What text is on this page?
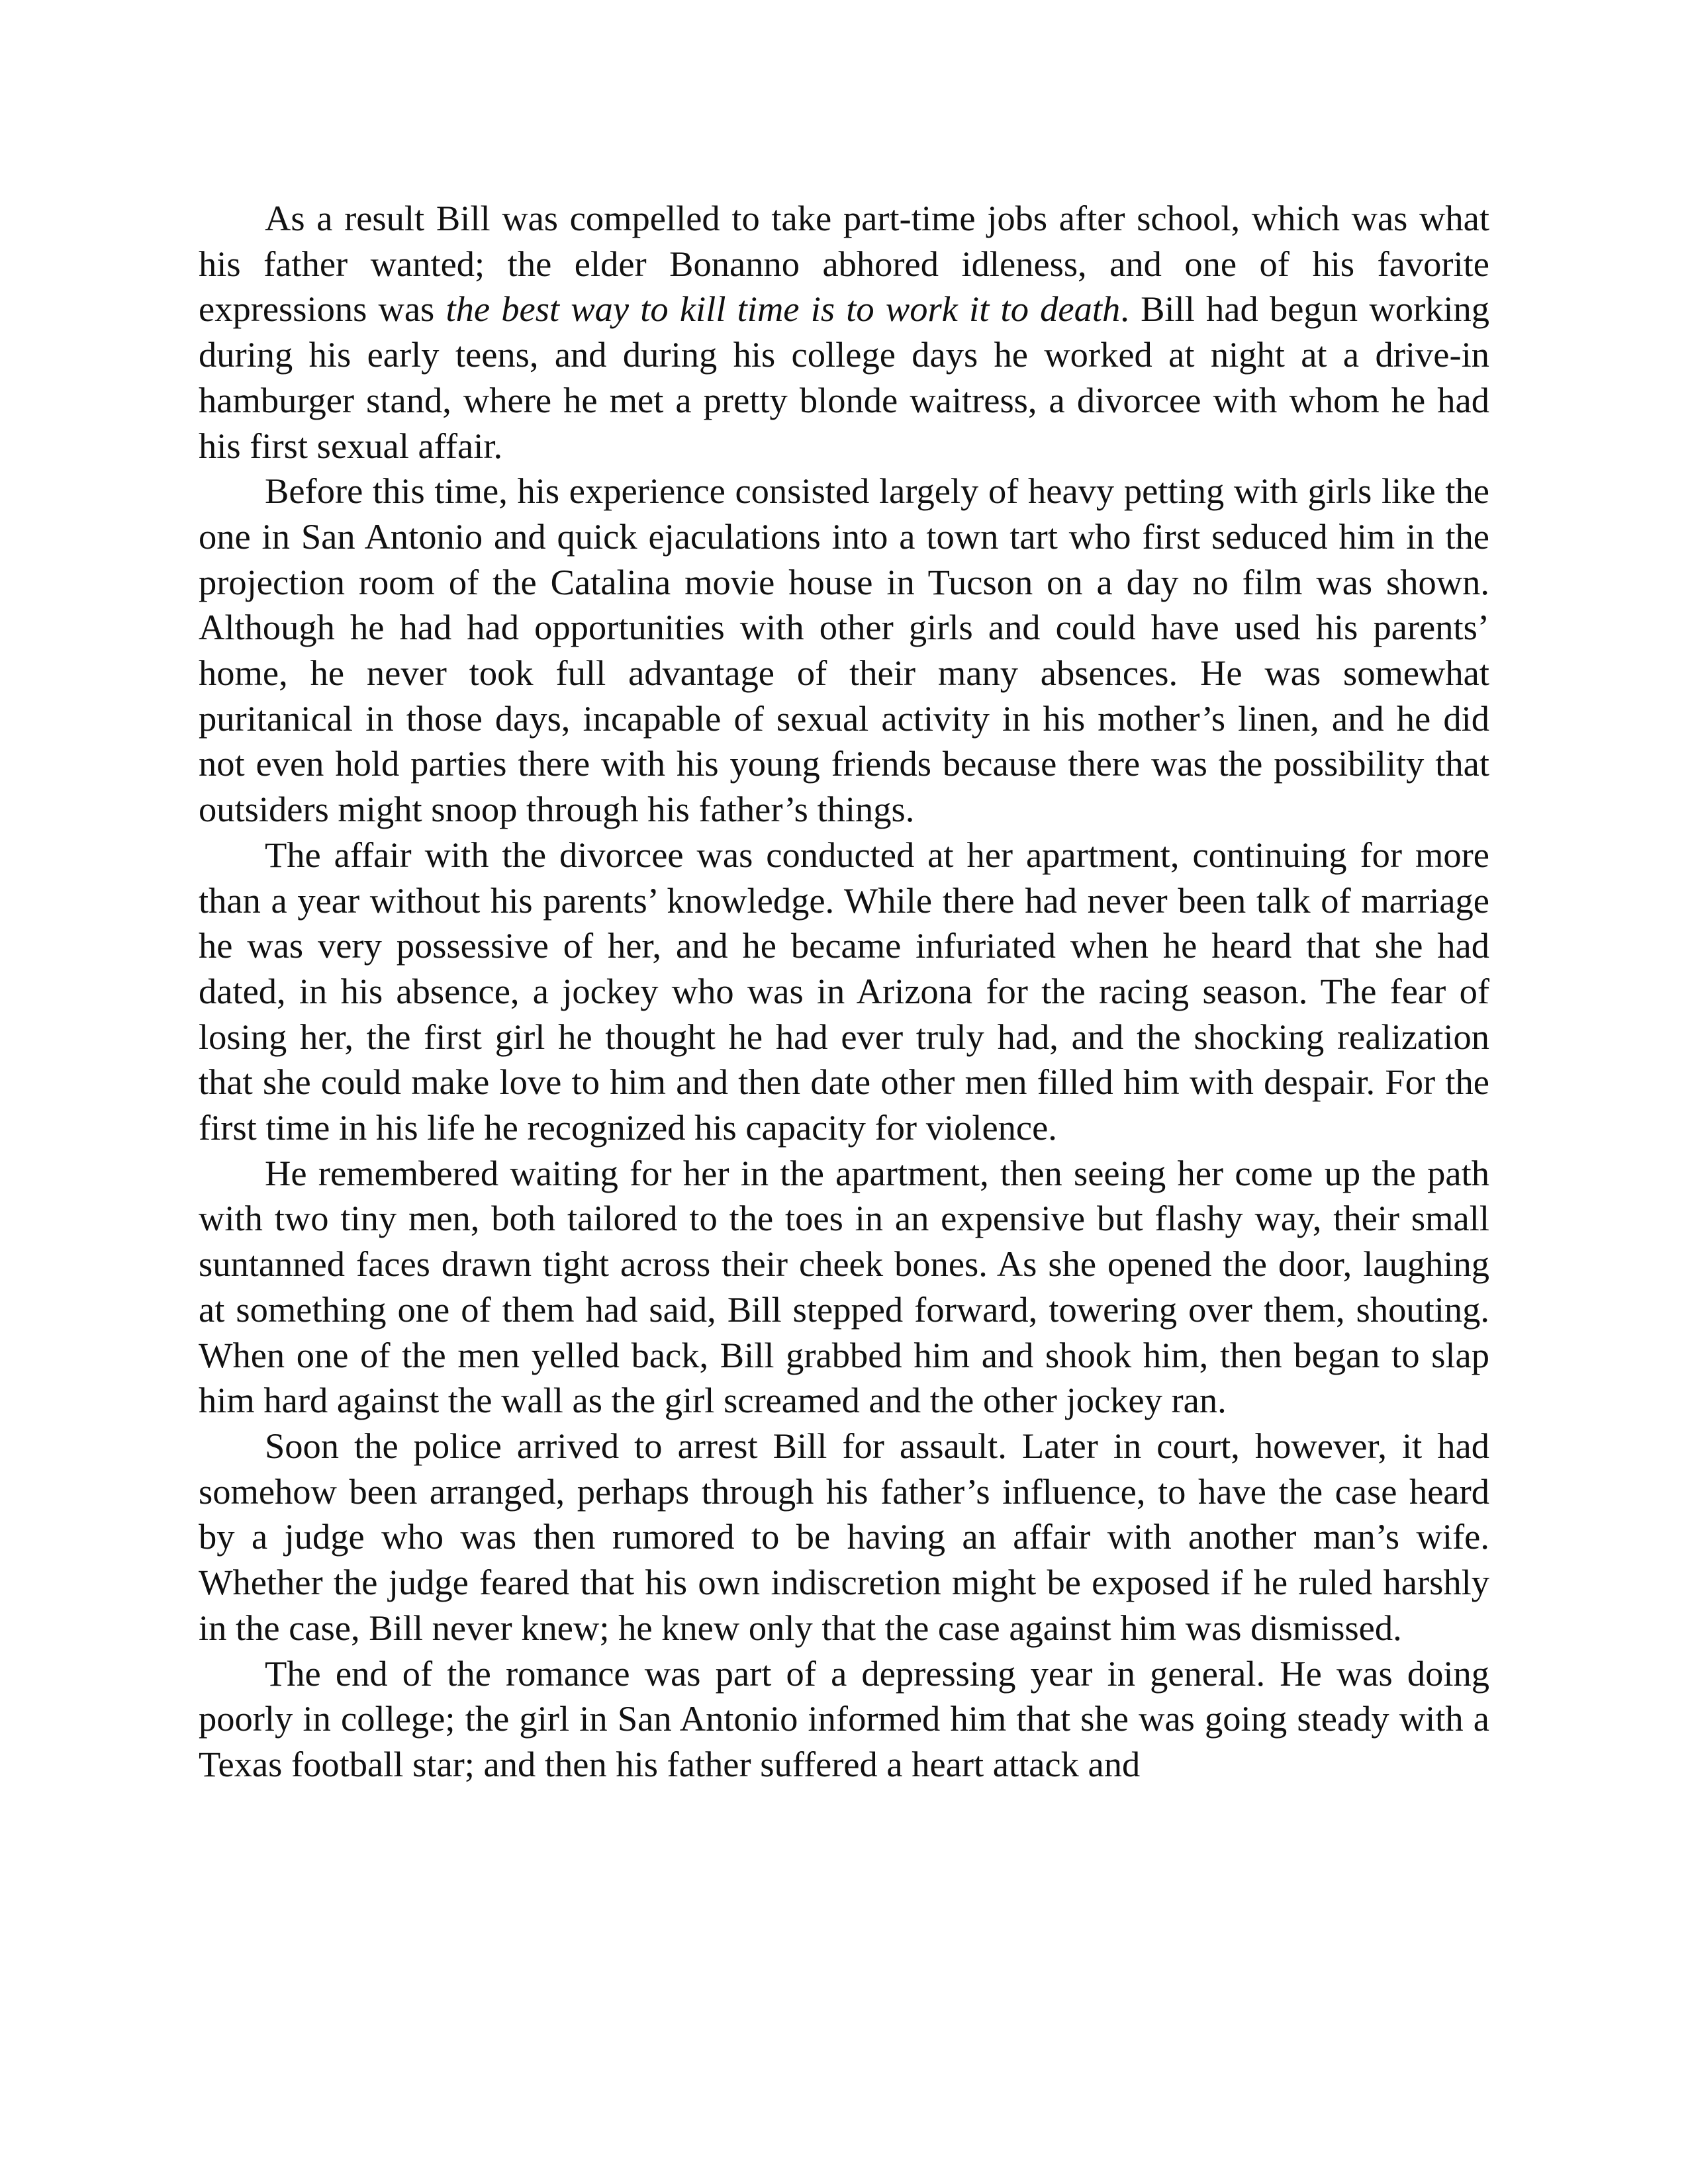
As a result Bill was compelled to take part-time jobs after school, which was what his father wanted; the elder Bonanno abhored idleness, and one of his favorite expressions was the best way to kill time is to work it to death. Bill had begun working during his early teens, and during his college days he worked at night at a drive-in hamburger stand, where he met a pretty blonde waitress, a divorcee with whom he had his first sexual affair.

Before this time, his experience consisted largely of heavy petting with girls like the one in San Antonio and quick ejaculations into a town tart who first seduced him in the projection room of the Catalina movie house in Tucson on a day no film was shown. Although he had had opportunities with other girls and could have used his parents’ home, he never took full advantage of their many absences. He was somewhat puritanical in those days, incapable of sexual activity in his mother’s linen, and he did not even hold parties there with his young friends because there was the possibility that outsiders might snoop through his father’s things.

The affair with the divorcee was conducted at her apartment, continuing for more than a year without his parents’ knowledge. While there had never been talk of marriage he was very possessive of her, and he became infuriated when he heard that she had dated, in his absence, a jockey who was in Arizona for the racing season. The fear of losing her, the first girl he thought he had ever truly had, and the shocking realization that she could make love to him and then date other men filled him with despair. For the first time in his life he recognized his capacity for violence.

He remembered waiting for her in the apartment, then seeing her come up the path with two tiny men, both tailored to the toes in an expensive but flashy way, their small suntanned faces drawn tight across their cheek bones. As she opened the door, laughing at something one of them had said, Bill stepped forward, towering over them, shouting. When one of the men yelled back, Bill grabbed him and shook him, then began to slap him hard against the wall as the girl screamed and the other jockey ran.

Soon the police arrived to arrest Bill for assault. Later in court, however, it had somehow been arranged, perhaps through his father’s influence, to have the case heard by a judge who was then rumored to be having an affair with another man’s wife. Whether the judge feared that his own indiscretion might be exposed if he ruled harshly in the case, Bill never knew; he knew only that the case against him was dismissed.

The end of the romance was part of a depressing year in general. He was doing poorly in college; the girl in San Antonio informed him that she was going steady with a Texas football star; and then his father suffered a heart attack and
